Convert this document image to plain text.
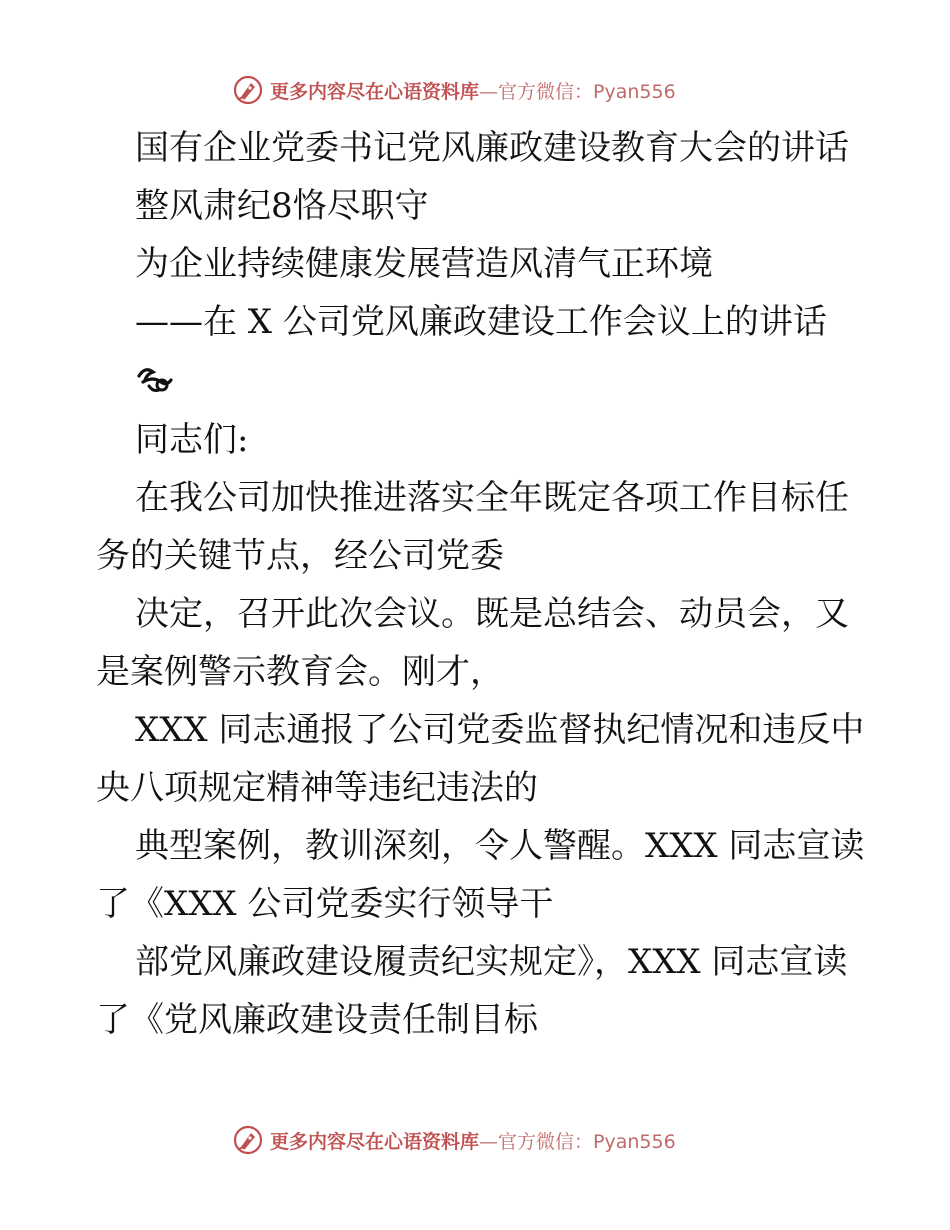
更多内容尽在心语资料库—官方微信：Pyan556
国有企业党委书记党风廉政建设教育大会的讲话
整风肃纪8恪尽职守
为企业持续健康发展营造风清气正环境
——在 X 公司党风廉政建设工作会议上的讲话
同志们:
在我公司加快推进落实全年既定各项工作目标任
务的关键节点，经公司党委
决定，召开此次会议。既是总结会、动员会，又
是案例警示教育会。刚才，
XXX 同志通报了公司党委监督执纪情况和违反中
央八项规定精神等违纪违法的
典型案例，教训深刻，令人警醒。XXX 同志宣读
了《XXX 公司党委实行领导干
部党风廉政建设履责纪实规定》，XXX 同志宣读
了《党风廉政建设责任制目标
更多内容尽在心语资料库—官方微信：Pyan556
